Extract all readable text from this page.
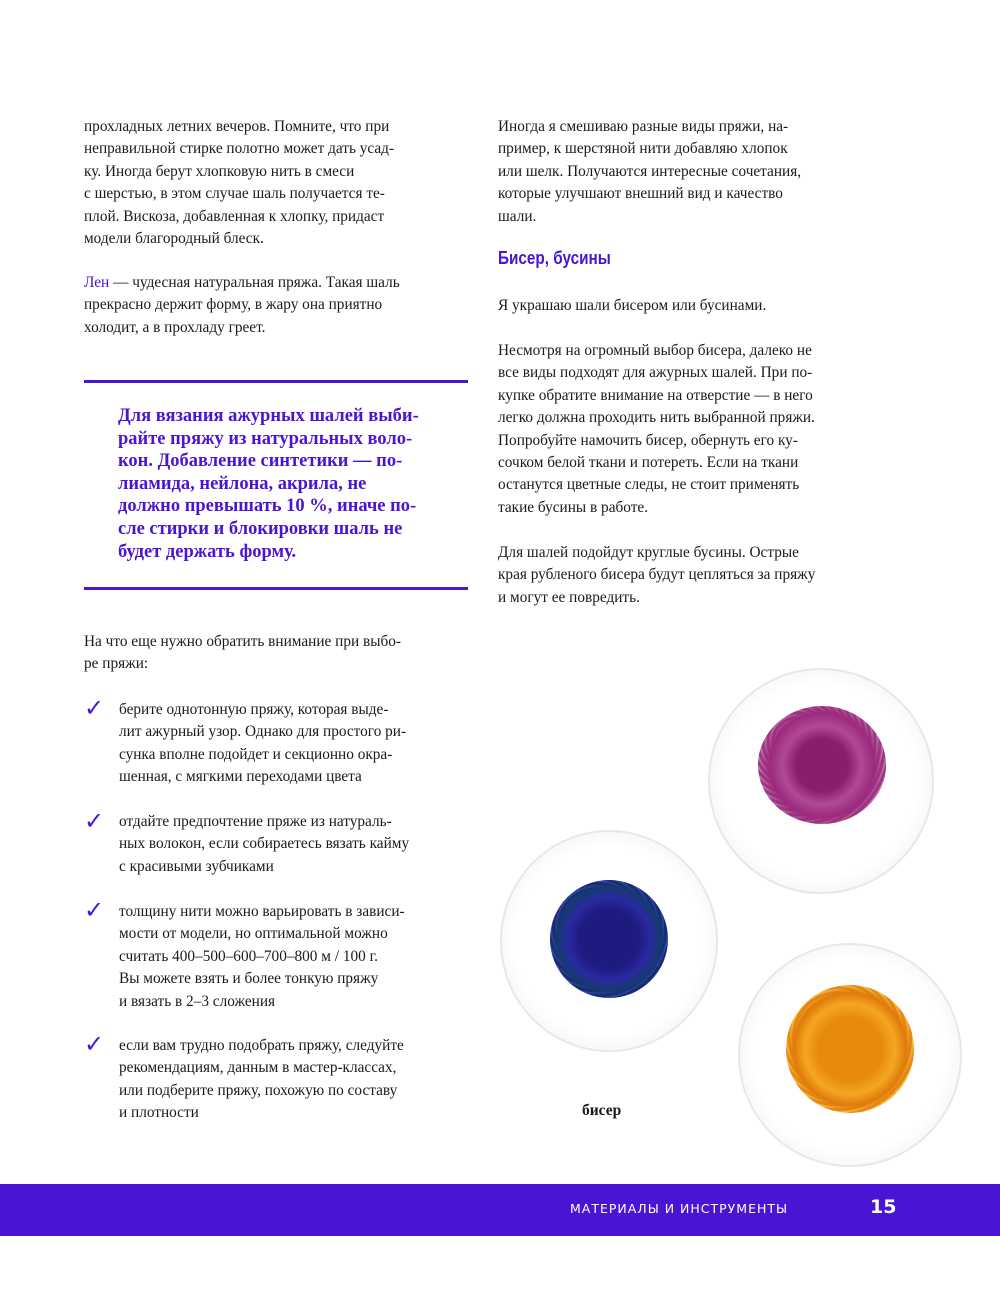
прохладных летних вечеров. Помните, что при
неправильной стирке полотно может дать усад-
ку. Иногда берут хлопковую нить в смеси
с шерстью, в этом случае шаль получается те-
плой. Вискоза, добавленная к хлопку, придаст
модели благородный блеск.
Лен — чудесная натуральная пряжа. Такая шаль
прекрасно держит форму, в жару она приятно
холодит, а в прохладу греет.
Для вязания ажурных шалей выби-
райте пряжу из натуральных воло-
кон. Добавление синтетики — по-
лиамида, нейлона, акрила, не
должно превышать 10 %, иначе по-
сле стирки и блокировки шаль не
будет держать форму.
На что еще нужно обратить внимание при выбо-
ре пряжи:
✓ берите однотонную пряжу, которая выде-
лит ажурный узор. Однако для простого ри-
сунка вполне подойдет и секционно окра-
шенная, с мягкими переходами цвета
✓ отдайте предпочтение пряже из натураль-
ных волокон, если собираетесь вязать кайму
с красивыми зубчиками
✓ толщину нити можно варьировать в зависи-
мости от модели, но оптимальной можно
считать 400–500–600–700–800 м / 100 г.
Вы можете взять и более тонкую пряжу
и вязать в 2–3 сложения
✓ если вам трудно подобрать пряжу, следуйте
рекомендациям, данным в мастер-классах,
или подберите пряжу, похожую по составу
и плотности
Иногда я смешиваю разные виды пряжи, на-
пример, к шерстяной нити добавляю хлопок
или шелк. Получаются интересные сочетания,
которые улучшают внешний вид и качество
шали.
Бисер, бусины
Я украшаю шали бисером или бусинами.
Несмотря на огромный выбор бисера, далеко не
все виды подходят для ажурных шалей. При по-
купке обратите внимание на отверстие — в него
легко должна проходить нить выбранной пряжи.
Попробуйте намочить бисер, обернуть его ку-
сочком белой ткани и потереть. Если на ткани
останутся цветные следы, не стоит применять
такие бусины в работе.
Для шалей подойдут круглые бусины. Острые
края рубленого бисера будут цепляться за пряжу
и могут ее повредить.
бисер
МАТЕРИАЛЫ И ИНСТРУМЕНТЫ	15
